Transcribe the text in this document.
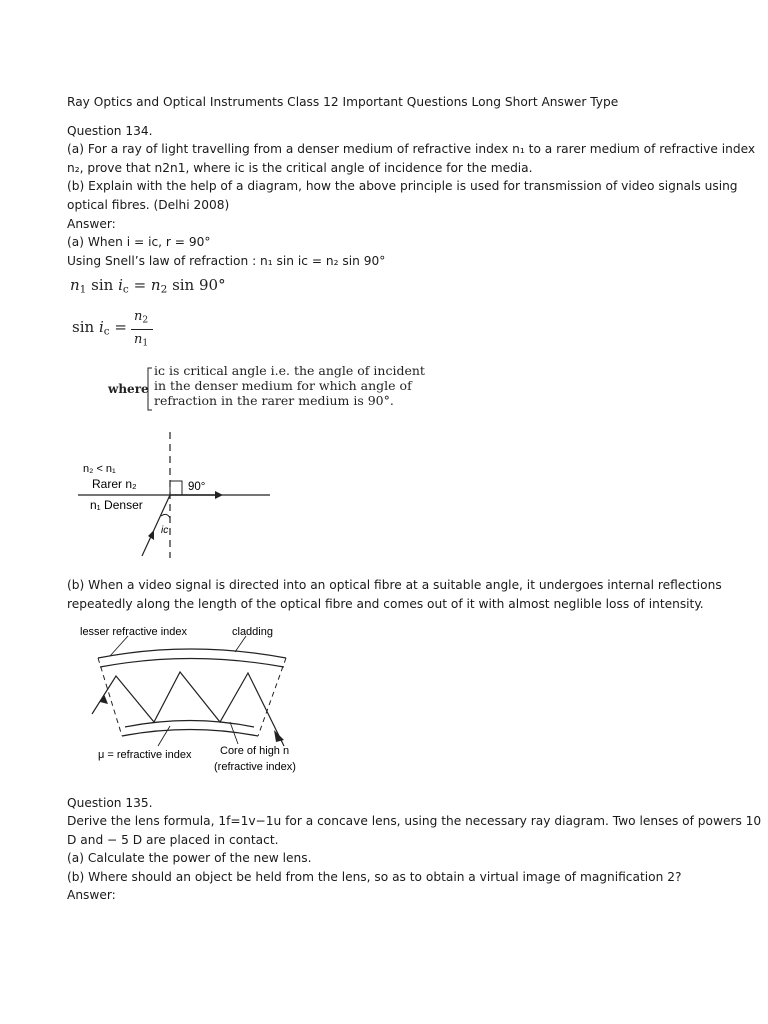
Ray Optics and Optical Instruments Class 12 Important Questions Long Short Answer Type
Question 134.
(a) For a ray of light travelling from a denser medium of refractive index n₁ to a rarer medium of refractive index
n₂, prove that n2n1, where iᴄ is the critical angle of incidence for the media.
(b) Explain with the help of a diagram, how the above principle is used for transmission of video signals using
optical fibres. (Delhi 2008)
Answer:
(a) When i = iᴄ, r = 90°
Using Snell’s law of refraction : n₁ sin ic = n₂ sin 90°
$n_1$ $\sin i_c = n_2$ sin 90°
$\sin i_c$ =
$n_2$
$n_1$
where
iᴄ is critical angle i.e. the angle of incident
in the denser medium for which angle of
refraction in the rarer medium is 90°.
n₂ < n₁
Rarer n₂
n₁ Denser
90°
iᴄ
(b) When a video signal is directed into an optical fibre at a suitable angle, it undergoes internal reflections
repeatedly along the length of the optical fibre and comes out of it with almost neglible loss of intensity.
lesser refractive index	cladding
μ = refractive index	Core of high n
(refractive index)
Question 135.
Derive the lens formula, 1f=1v−1u for a concave lens, using the necessary ray diagram. Two lenses of powers 10
D and − 5 D are placed in contact.
(a) Calculate the power of the new lens.
(b) Where should an object be held from the lens, so as to obtain a virtual image of magnification 2?
Answer:
